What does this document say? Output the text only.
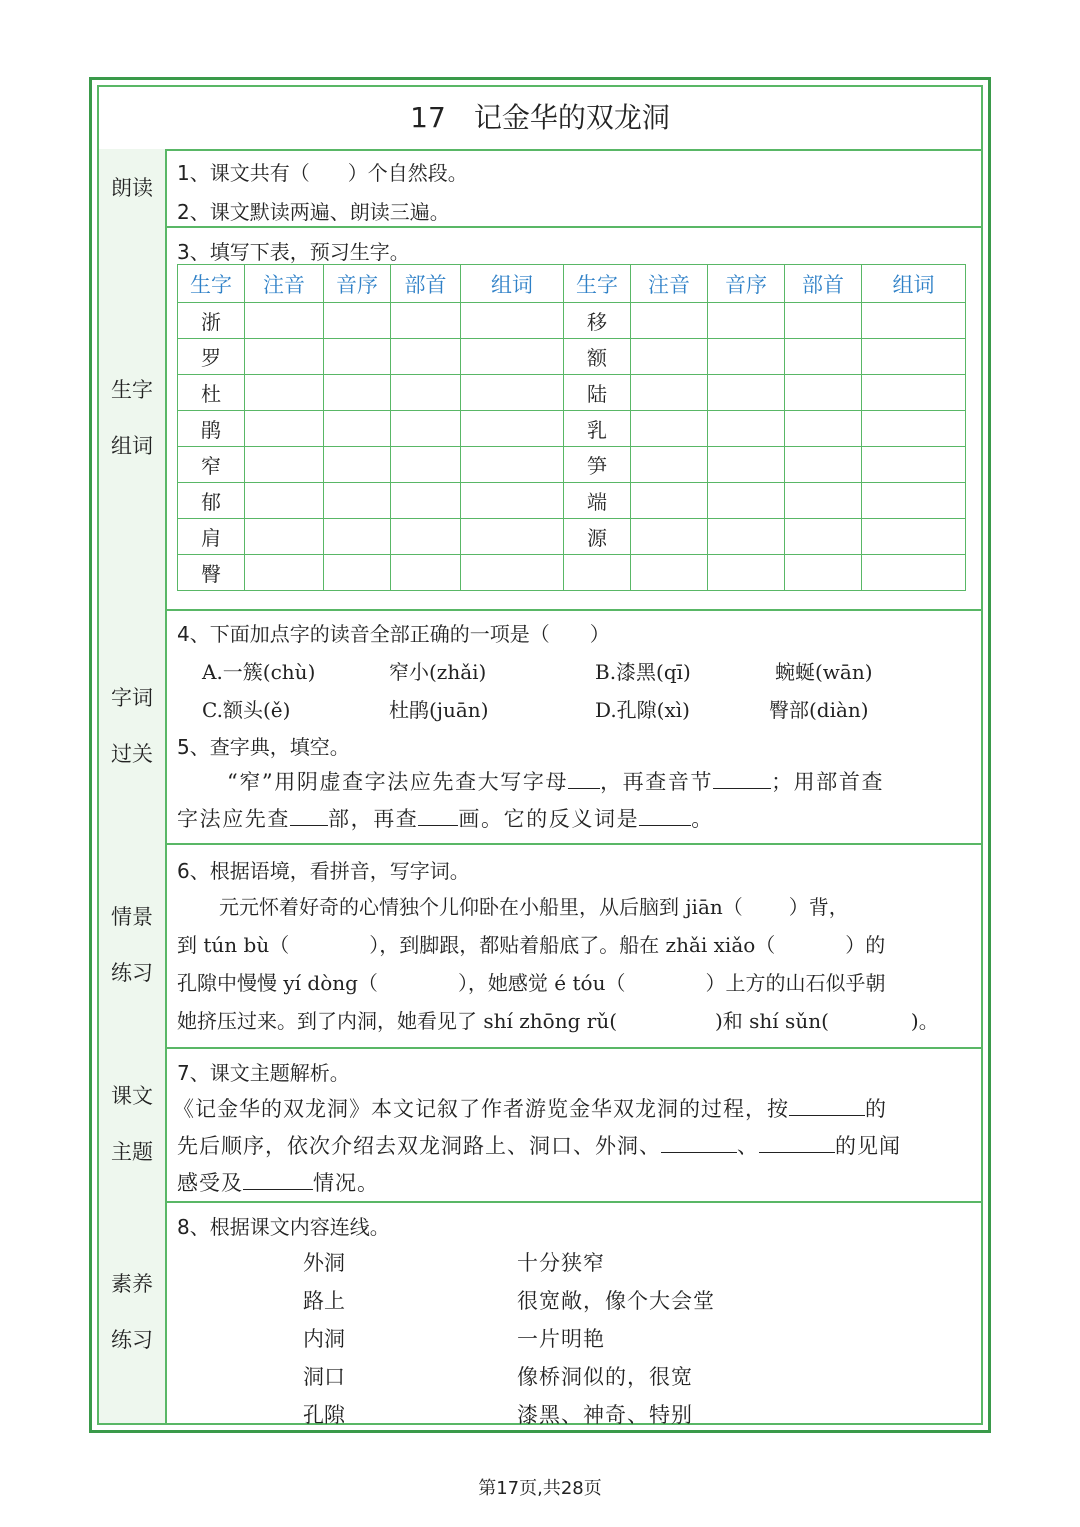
17 记金华的双龙洞
朗读
1、课文共有（ ）个自然段。
2、课文默读两遍、朗读三遍。
生字
组词
3、填写下表，预习生字。
生字	注音	音序	部首	组词	生字	注音	音序	部首	组词
浙					移				
罗					额				
杜					陆				
鹃					乳				
窄					笋				
郁					端				
肩					源				
臀									
字词
过关
4、下面加点字的读音全部正确的一项是（　　）
A.一簇(chù)	窄小(zhǎi)	B.漆黑(qī)	蜿蜒(wān)
C.额头(ě)	杜鹃(juān)	D.孔隙(xì)	臀部(diàn)
5、查字典，填空。
“窄”用阴虚查字法应先查大写字母 ，再查音节	；用部首查
字法应先查 部，再查 画。它的反义词是 。
情景
练习
6、根据语境，看拼音，写字词。
元元怀着好奇的心情独个儿仰卧在小船里，从后脑到 jiān（ ）背，
到 tún bù（	），到脚跟，都贴着船底了。船在 zhǎi xiǎo（	）的
孔隙中慢慢 yí dòng（	），她感觉 é tóu（	）上方的山石似乎朝
她挤压过来。到了内洞，她看见了 shí zhōng rǔ(	)和 shí sǔn(	)。
课文
主题
7、课文主题解析。
《记金华的双龙洞》本文记叙了作者游览金华双龙洞的过程，按	的
先后顺序，依次介绍去双龙洞路上、洞口、外洞、	、	的见闻
感受及	情况。
素养
练习
8、根据课文内容连线。
外洞
路上
内洞
洞口
孔隙
十分狭窄
很宽敞，像个大会堂
一片明艳
像桥洞似的，很宽
漆黑、神奇、特别
第17页,共28页
